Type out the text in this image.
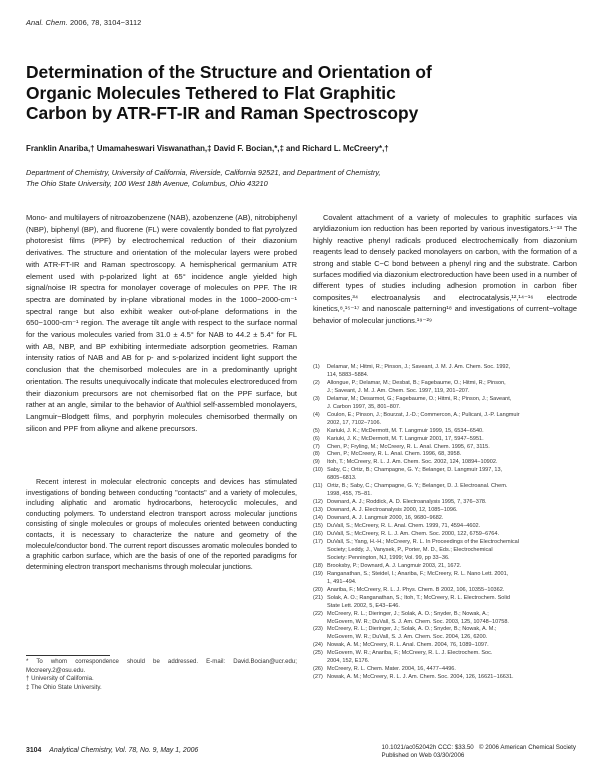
Anal. Chem. 2006, 78, 3104−3112
Determination of the Structure and Orientation of
Organic Molecules Tethered to Flat Graphitic
Carbon by ATR-FT-IR and Raman Spectroscopy
Franklin Anariba,† Umamaheswari Viswanathan,‡ David F. Bocian,*,‡ and Richard L. McCreery*,†
Department of Chemistry, University of California, Riverside, California 92521, and Department of Chemistry,
The Ohio State University, 100 West 18th Avenue, Columbus, Ohio 43210

Mono- and multilayers of nitroazobenzene (NAB), azobenzene (AB), nitrobiphenyl (NBP), biphenyl (BP), and fluorene (FL) were covalently bonded to flat pyrolyzed photoresist films (PPF) by electrochemical reduction of their diazonium derivatives. The structure and orientation of the molecular layers were probed with ATR-FT-IR and Raman spectroscopy. A hemispherical germanium ATR element used with p-polarized light at 65° incidence angle yielded high signal/noise IR spectra for monolayer coverage of molecules on PPF. The IR spectra are dominated by in-plane vibrational modes in the 1000−2000-cm⁻¹ spectral range but also exhibit weaker out-of-plane deformations in the 650−1000-cm⁻¹ region. The average tilt angle with respect to the surface normal for the various molecules varied from 31.0 ± 4.5° for NAB to 44.2 ± 5.4° for FL with AB, NBP, and BP exhibiting intermediate adsorption geometries. Raman intensity ratios of NAB and AB for p- and s-polarized incident light support the conclusion that the chemisorbed molecules are in a predominantly upright orientation. The results unequivocally indicate that molecules electroreduced from their diazonium precursors are not chemisorbed flat on the PPF surface, but rather at an angle, similar to the behavior of Au/thiol self-assembled monolayers, Langmuir−Blodgett films, and porphyrin molecules chemisorbed thermally on silicon and PPF from alkyne and alkene precursors.

Recent interest in molecular electronic concepts and devices has stimulated investigations of bonding between conducting "contacts" and a variety of molecules, including aliphatic and aromatic hydrocarbons, heterocyclic molecules, and conducting polymers. To understand electron transport across molecular junctions consisting of single molecules or groups of molecules oriented between conducting contacts, it is necessary to characterize the nature and geometry of the molecule/conductor bond. The current report discusses aromatic molecules bonded to a graphitic carbon surface, which are the basis of one of the reported paradigms for determining electron transport mechanisms through molecular junctions.

* To whom correspondence should be addressed. E-mail: David.Bocian@ucr.edu; Mccreery.2@osu.edu.
† University of California.
‡ The Ohio State University.

Covalent attachment of a variety of molecules to graphitic surfaces via aryldiazonium ion reduction has been reported by various investigators.¹⁻¹³ The highly reactive phenyl radicals produced electrochemically from diazonium reagents lead to densely packed monolayers on carbon, with the formation of a strong and stable C−C bond between a phenyl ring and the substrate. Carbon surfaces modified via diazonium electroreduction have been used in a number of different types of studies including adhesion promotion in carbon fiber composites,³⁴ electroanalysis and electrocatalysis,¹²,¹⁴⁻¹⁶ electrode kinetics,⁸,¹⁵⁻¹⁷ and nanoscale patterning¹⁸ and investigations of current−voltage behavior of molecular junctions.¹⁹⁻²⁹

(1)	Delamar, M.; Hitmi, R.; Pinson, J.; Saveant, J. M. J. Am. Chem. Soc. 1992,
114, 5883−5884.
(2)	Allongue, P.; Delamar, M.; Desbat, B.; Fagebaume, O.; Hitmi, R.; Pinson,
J.; Saveant, J. M. J. Am. Chem. Soc. 1997, 119, 201−207.
(3)	Delamar, M.; Desarmot, G.; Fagebaume, O.; Hitmi, R.; Pinson, J.; Saveant,
J. Carbon 1997, 35, 801−807.
(4)	Coulon, E.; Pinson, J.; Bourzat, J.-D.; Commercon, A.; Pulicani, J.-P. Langmuir
2002, 17, 7102−7106.
(5)	Kariuki, J. K.; McDermott, M. T. Langmuir 1999, 15, 6534−6540.
(6)	Kariuki, J. K.; McDermott, M. T. Langmuir 2001, 17, 5947−5951.
(7)	Chen, P.; Fryling, M.; McCreery, R. L. Anal. Chem. 1995, 67, 3115.
(8)	Chen, P.; McCreery, R. L. Anal. Chem. 1996, 68, 3958.
(9)	Itoh, T.; McCreery, R. L. J. Am. Chem. Soc. 2002, 124, 10894−10902.
(10) Saby, C.; Ortiz, B.; Champagne, G. Y.; Belanger, D. Langmuir 1997, 13,
6805−6813.
(11) Ortiz, B.; Saby, C.; Champagne, G. Y.; Belanger, D. J. Electroanal. Chem.
1998, 455, 75−81.
(12) Downard, A. J.; Roddick, A. D. Electroanalysis 1995, 7, 376−378.
(13) Downard, A. J. Electroanalysis 2000, 12, 1085−1096.
(14) Downard, A. J. Langmuir 2000, 16, 9680−9682.
(15) DuVall, S.; McCreery, R. L. Anal. Chem. 1999, 71, 4594−4602.
(16) DuVall, S.; McCreery, R. L. J. Am. Chem. Soc. 2000, 122, 6759−6764.
(17) DuVall, S.; Yang, H.-H.; McCreery, R. L. In Proceedings of the Electrochemical
Society; Leddy, J., Vanysek, P., Porter, M. D., Eds.; Electrochemical
Society: Pennington, NJ, 1999; Vol. 99, pp 33−36.
(18) Brooksby, P.; Downard, A. J. Langmuir 2003, 21, 1672.
(19) Ranganathan, S.; Steidel, I.; Anariba, F.; McCreery, R. L. Nano Lett. 2001,
1, 491−494.
(20) Anariba, F.; McCreery, R. L. J. Phys. Chem. B 2002, 106, 10355−10362.
(21) Solak, A. O.; Ranganathan, S.; Itoh, T.; McCreery, R. L. Electrochem. Solid
State Lett. 2002, 5, E43−E46.
(22) McCreery, R. L.; Dieringer, J.; Solak, A. O.; Snyder, B.; Nowak, A.;
McGovern, W. R.; DuVall, S. J. Am. Chem. Soc. 2003, 125, 10748−10758.
(23) McCreery, R. L.; Dieringer, J.; Solak, A. O.; Snyder, B.; Nowak, A. M.;
McGovern, W. R.; DuVall, S. J. Am. Chem. Soc. 2004, 126, 6200.
(24) Nowak, A. M.; McCreery, R. L. Anal. Chem. 2004, 76, 1089−1097.
(25) McGovern, W. R.; Anariba, F.; McCreery, R. L. J. Electrochem. Soc.
2004, 152, E176.
(26) McCreery, R. L. Chem. Mater. 2004, 16, 4477−4496.
(27) Nowak, A. M.; McCreery, R. L. J. Am. Chem. Soc. 2004, 126, 16621−16631.
3104 Analytical Chemistry, Vol. 78, No. 9, May 1, 2006	10.1021/ac052042h CCC: $33.50 © 2006 American Chemical Society
Published on Web 03/30/2006
